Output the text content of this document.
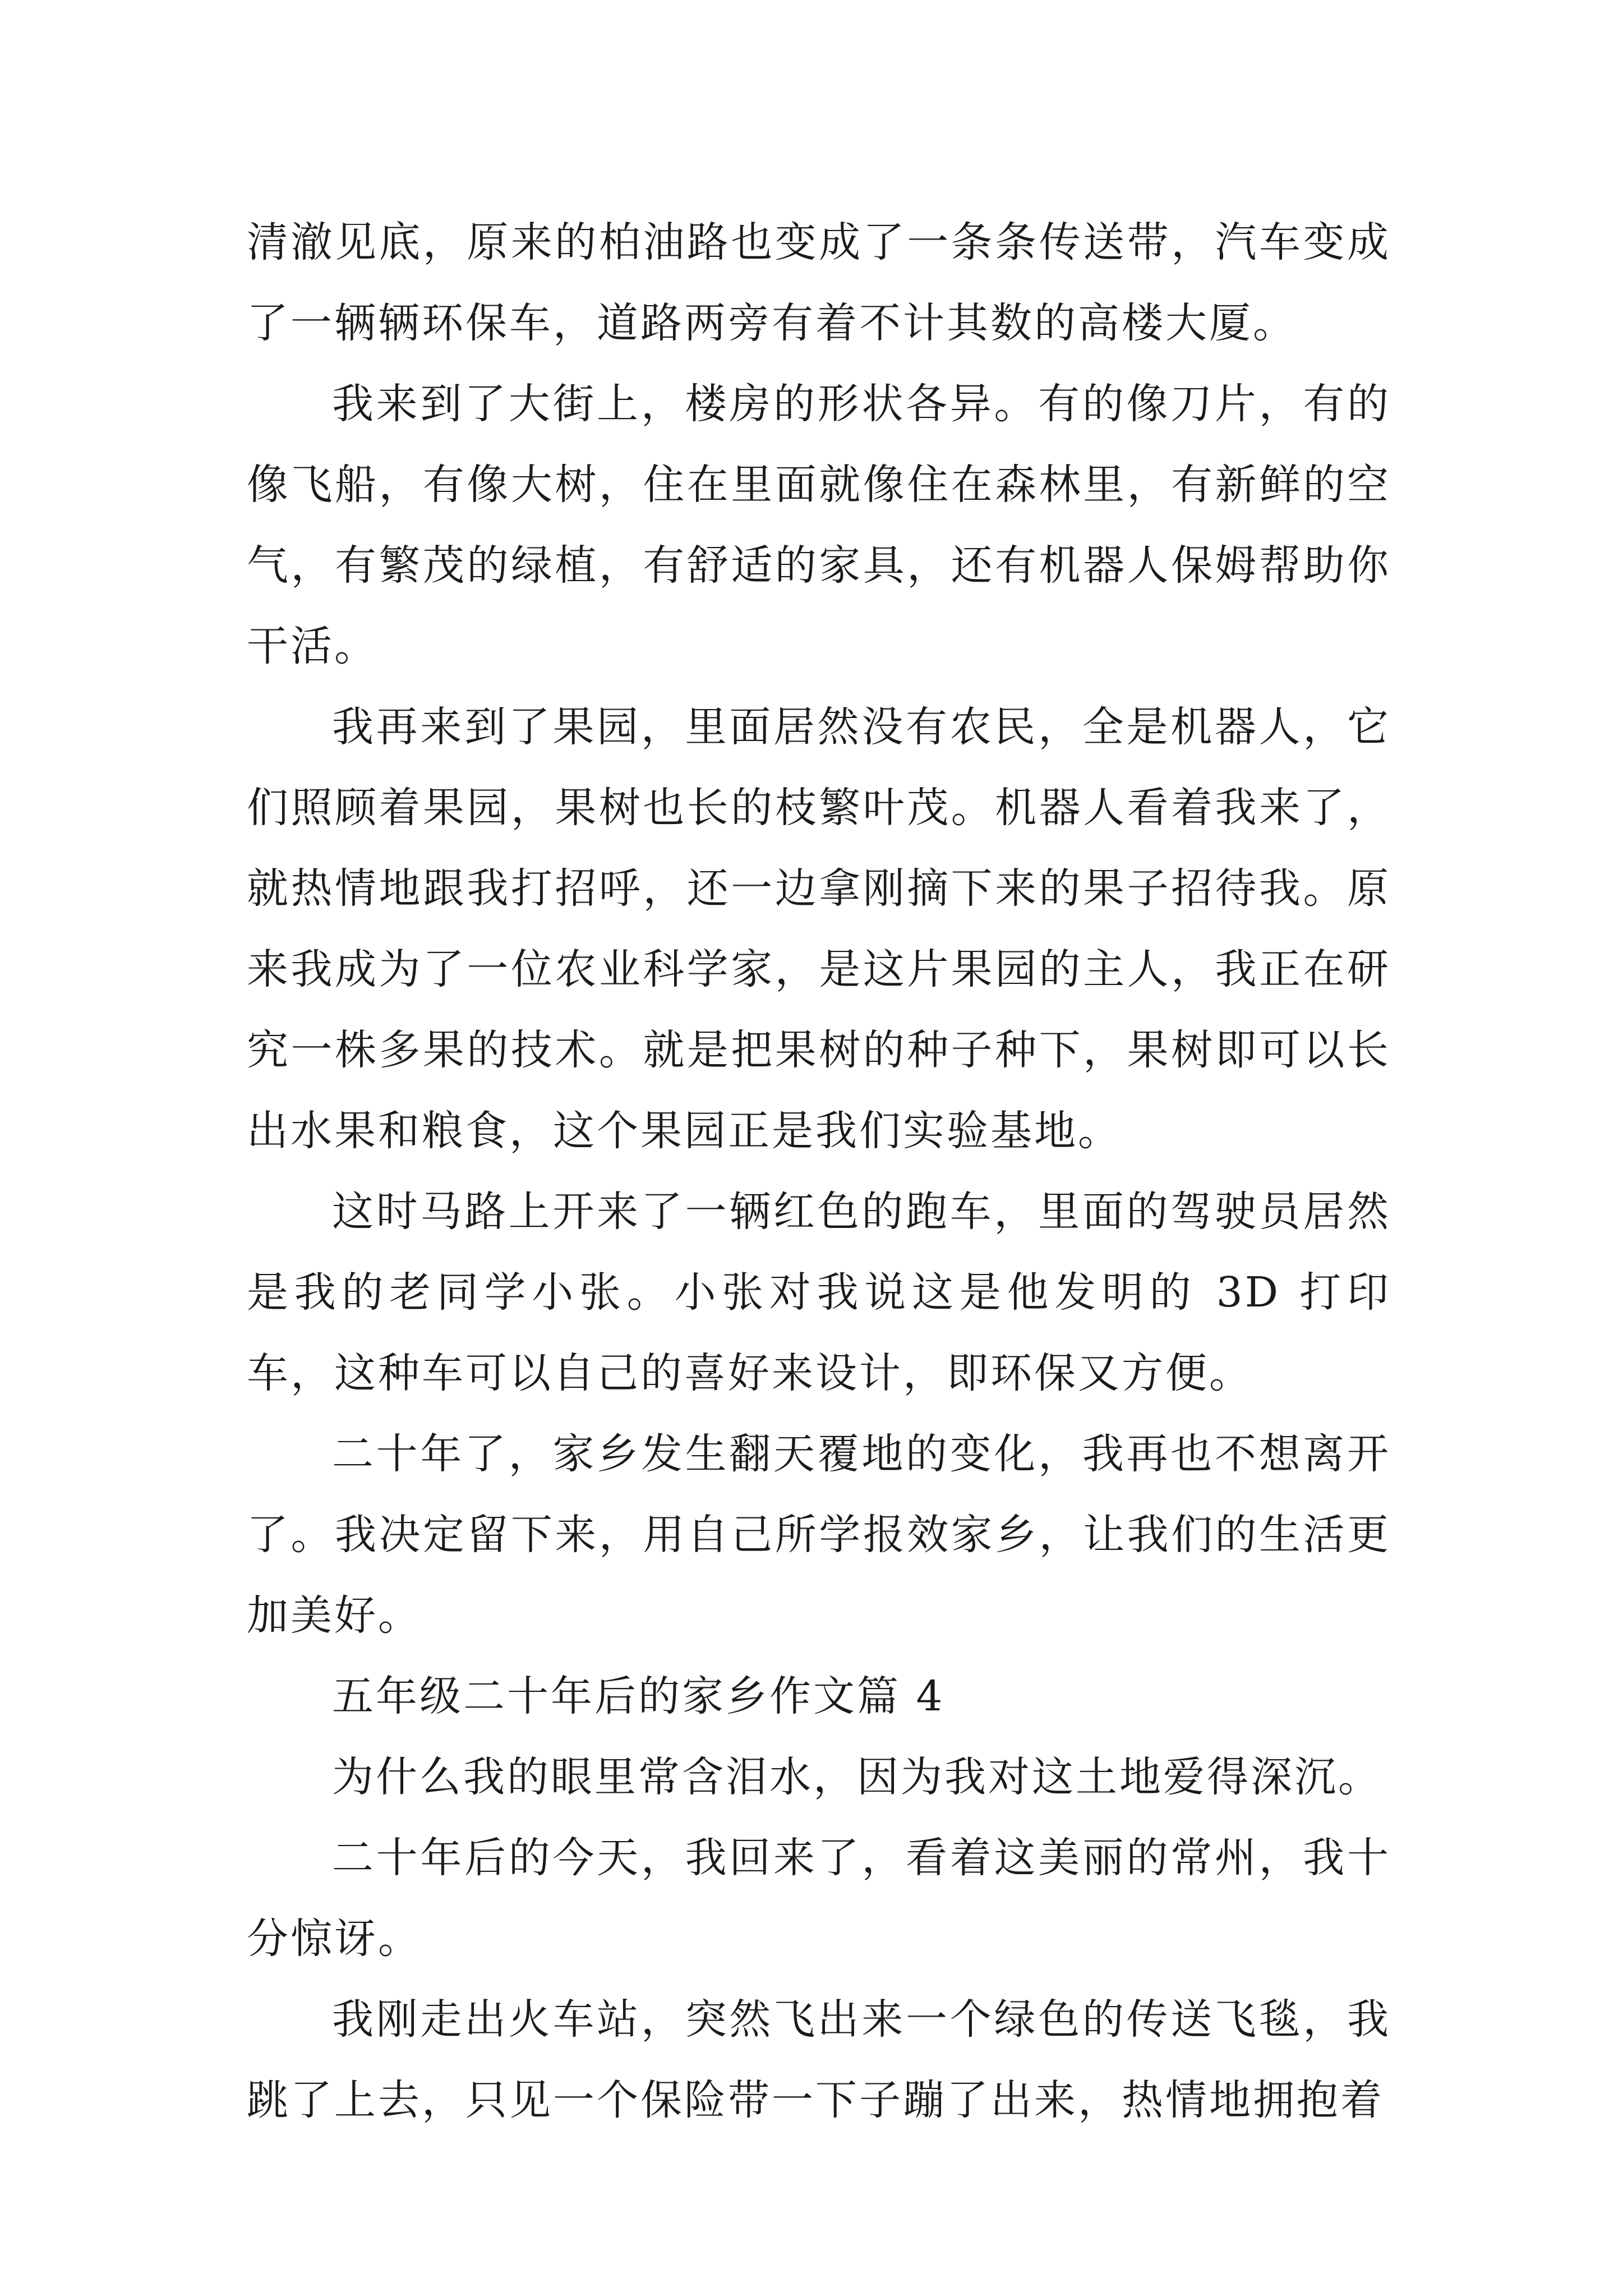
清澈见底，原来的柏油路也变成了一条条传送带，汽车变成了一辆辆环保车，道路两旁有着不计其数的高楼大厦。

我来到了大街上，楼房的形状各异。有的像刀片，有的像飞船，有像大树，住在里面就像住在森林里，有新鲜的空气，有繁茂的绿植，有舒适的家具，还有机器人保姆帮助你干活。

我再来到了果园，里面居然没有农民，全是机器人，它们照顾着果园，果树也长的枝繁叶茂。机器人看着我来了，就热情地跟我打招呼，还一边拿刚摘下来的果子招待我。原来我成为了一位农业科学家，是这片果园的主人，我正在研究一株多果的技术。就是把果树的种子种下，果树即可以长出水果和粮食，这个果园正是我们实验基地。

这时马路上开来了一辆红色的跑车，里面的驾驶员居然是我的老同学小张。小张对我说这是他发明的 3D 打印车，这种车可以自己的喜好来设计，即环保又方便。

二十年了，家乡发生翻天覆地的变化，我再也不想离开了。我决定留下来，用自己所学报效家乡，让我们的生活更加美好。

五年级二十年后的家乡作文篇 4

为什么我的眼里常含泪水，因为我对这土地爱得深沉。

二十年后的今天，我回来了，看着这美丽的常州，我十分惊讶。

我刚走出火车站，突然飞出来一个绿色的传送飞毯，我跳了上去，只见一个保险带一下子蹦了出来，热情地拥抱着
